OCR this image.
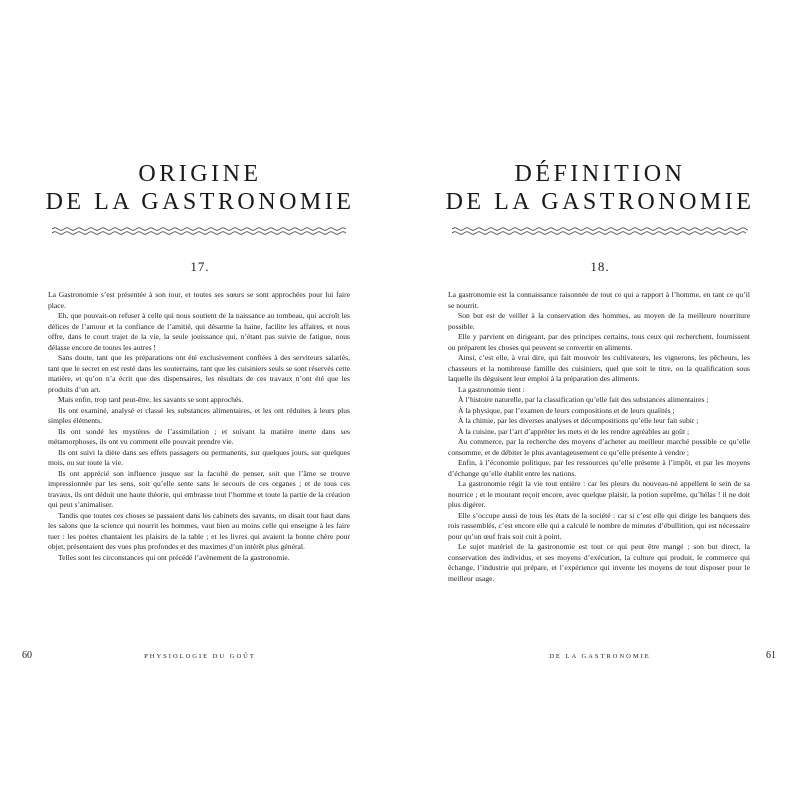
ORIGINE
DE LA GASTRONOMIE
17.

La Gastronomie s’est présentée à son tour, et toutes ses sœurs se sont approchées pour lui faire place.

Eh, que pouvait-on refuser à celle qui nous soutient de la naissance au tombeau, qui accroît les délices de l’amour et la confiance de l’amitié, qui désarme la haine, facilite les affaires, et nous offre, dans le court trajet de la vie, la seule jouissance qui, n’étant pas suivie de fatigue, nous délasse encore de toutes les autres !

Sans doute, tant que les préparations ont été exclusivement confiées à des serviteurs salariés, tant que le secret en est resté dans les souterrains, tant que les cuisiniers seuls se sont réservés cette matière, et qu’on n’a écrit que des dispensaires, les résultats de ces travaux n’ont été que les produits d’un art.

Mais enfin, trop tard peut-être, les savants se sont approchés.

Ils ont examiné, analysé et classé les substances alimentaires, et les ont réduites à leurs plus simples éléments.

Ils ont sondé les mystères de l’assimilation ; et suivant la matière inerte dans ses métamorphoses, ils ont vu comment elle pouvait prendre vie.

Ils ont suivi la diète dans ses effets passagers ou permanents, sur quelques jours, sur quelques mois, ou sur toute la vie.

Ils ont apprécié son influence jusque sur la faculté de penser, soit que l’âme se trouve impressionnée par les sens, soit qu’elle sente sans le secours de ces organes ; et de tous ces travaux, ils ont déduit une haute théorie, qui embrasse tout l’homme et toute la partie de la création qui peut s’animaliser.

Tandis que toutes ces choses se passaient dans les cabinets des savants, on disait tout haut dans les salons que la science qui nourrit les hommes, vaut bien au moins celle qui enseigne à les faire tuer : les poètes chantaient les plaisirs de la table ; et les livres qui avaient la bonne chère pour objet, présentaient des vues plus profondes et des maximes d’un intérêt plus général.

Telles sont les circonstances qui ont précédé l’avènement de la gastronomie.

60	PHYSIOLOGIE DU GOÛT
DÉFINITION
DE LA GASTRONOMIE
18.

La gastronomie est la connaissance raisonnée de tout ce qui a rapport à l’homme, en tant ce qu’il se nourrit.

Son but est de veiller à la conservation des hommes, au moyen de la meilleure nourriture possible.

Elle y parvient en dirigeant, par des principes certains, tous ceux qui recherchent, fournissent ou préparent les choses qui peuvent se convertir en aliments.

Ainsi, c’est elle, à vrai dire, qui fait mouvoir les cultivateurs, les vignerons, les pêcheurs, les chasseurs et la nombreuse famille des cuisiniers, quel que soit le titre, ou la qualification sous laquelle ils déguisent leur emploi à la préparation des aliments.

La gastronomie tient :

À l’histoire naturelle, par la classification qu’elle fait des substances alimentaires ;

À la physique, par l’examen de leurs compositions et de leurs qualités ;

À la chimie, par les diverses analyses et décompositions qu’elle leur fait subir ;

À la cuisine, par l’art d’apprêter les mets et de les rendre agréables au goût ;

Au commerce, par la recherche des moyens d’acheter au meilleur marché possible ce qu’elle consomme, et de débiter le plus avantageusement ce qu’elle présente à vendre ;

Enfin, à l’économie politique, par les ressources qu’elle présente à l’impôt, et par les moyens d’échange qu’elle établit entre les nations.

La gastronomie régit la vie tout entière : car les pleurs du nouveau-né appellent le sein de sa nourrice ; et le mourant reçoit encore, avec quelque plaisir, la potion suprême, qu’hélas ! il ne doit plus digérer.

Elle s’occupe aussi de tous les états de la société : car si c’est elle qui dirige les banquets des rois rassemblés, c’est encore elle qui a calculé le nombre de minutes d’ébullition, qui est nécessaire pour qu’un œuf frais soit cuit à point.

Le sujet matériel de la gastronomie est tout ce qui peut être mangé ; son but direct, la conservation des individus, et ses moyens d’exécution, la culture qui produit, le commerce qui échange, l’industrie qui prépare, et l’expérience qui invente les moyens de tout disposer pour le meilleur usage.

61
DE LA GASTRONOMIE
